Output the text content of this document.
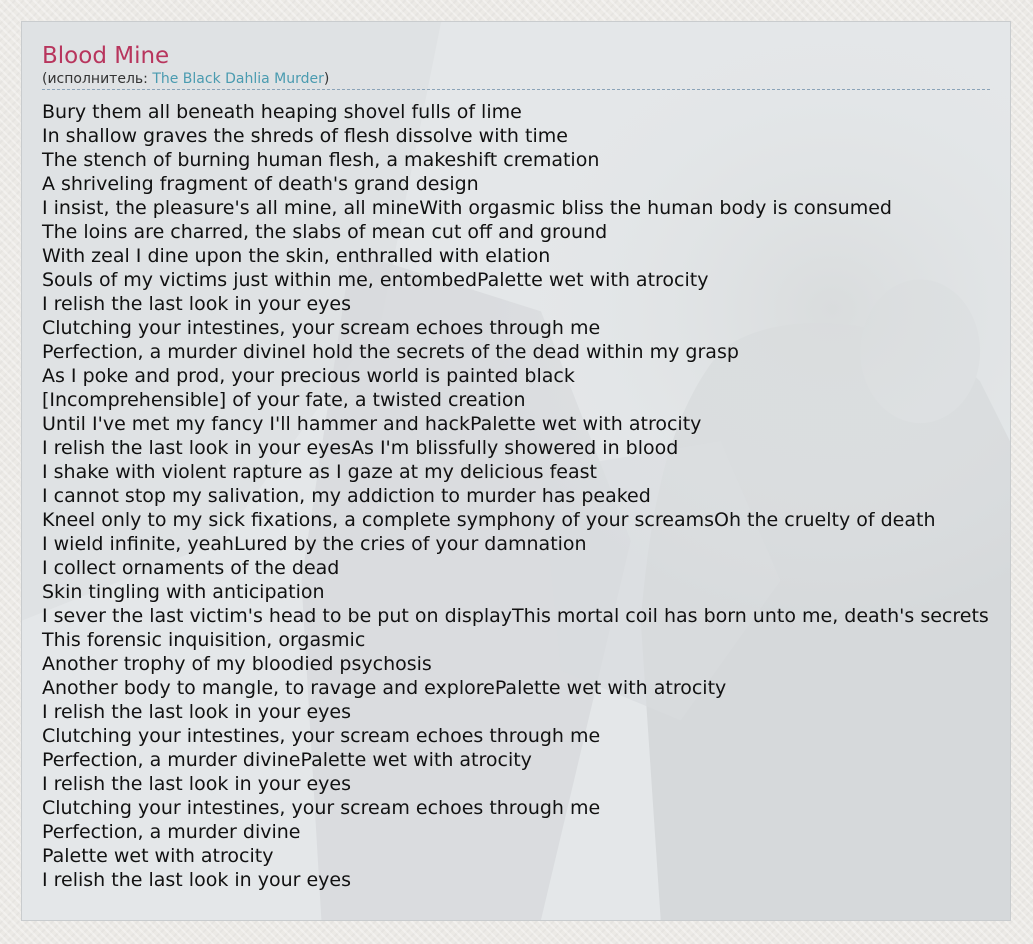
Blood Mine
(исполнитель: The Black Dahlia Murder)
Bury them all beneath heaping shovel fulls of lime
In shallow graves the shreds of flesh dissolve with time
The stench of burning human flesh, a makeshift cremation
A shriveling fragment of death's grand design
I insist, the pleasure's all mine, all mineWith orgasmic bliss the human body is consumed
The loins are charred, the slabs of mean cut off and ground
With zeal I dine upon the skin, enthralled with elation
Souls of my victims just within me, entombedPalette wet with atrocity
I relish the last look in your eyes
Clutching your intestines, your scream echoes through me
Perfection, a murder divineI hold the secrets of the dead within my grasp
As I poke and prod, your precious world is painted black
[Incomprehensible] of your fate, a twisted creation
Until I've met my fancy I'll hammer and hackPalette wet with atrocity
I relish the last look in your eyesAs I'm blissfully showered in blood
I shake with violent rapture as I gaze at my delicious feast
I cannot stop my salivation, my addiction to murder has peaked
Kneel only to my sick fixations, a complete symphony of your screamsOh the cruelty of death
I wield infinite, yeahLured by the cries of your damnation
I collect ornaments of the dead
Skin tingling with anticipation
I sever the last victim's head to be put on displayThis mortal coil has born unto me, death's secrets
This forensic inquisition, orgasmic
Another trophy of my bloodied psychosis
Another body to mangle, to ravage and explorePalette wet with atrocity
I relish the last look in your eyes
Clutching your intestines, your scream echoes through me
Perfection, a murder divinePalette wet with atrocity
I relish the last look in your eyes
Clutching your intestines, your scream echoes through me
Perfection, a murder divine
Palette wet with atrocity
I relish the last look in your eyes
